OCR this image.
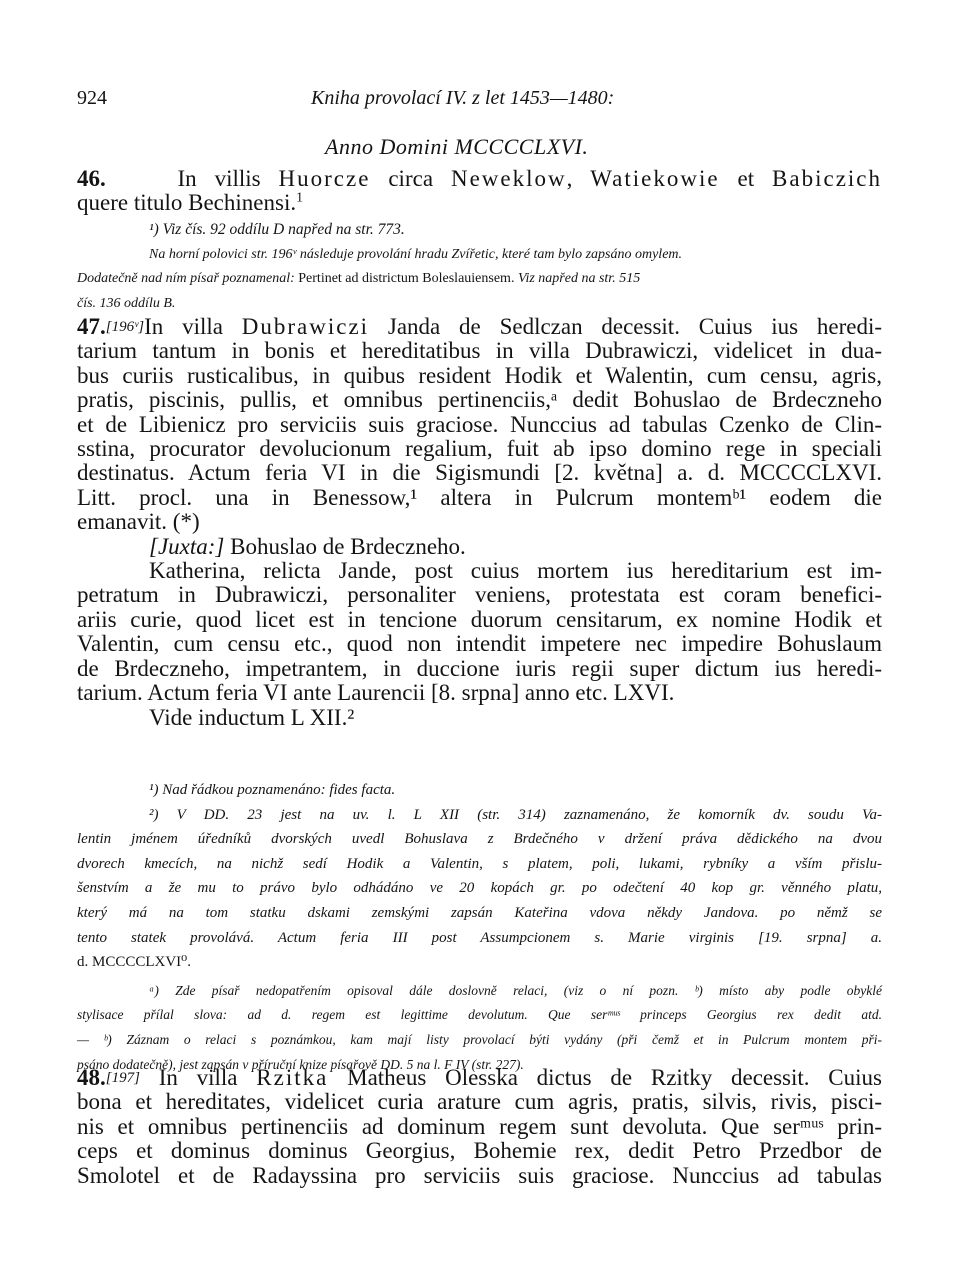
924	Kniha provolací IV. z let 1453—1480:
Anno Domini MCCCCLXVI.

46.	In villis Huorcze circa Neweklow, Watiekowie et Babiczich

quere titulo Bechinensi.$^1$

¹) Viz čís. 92 oddílu D napřed na str. 773.

Na horní polovici str. 196ᵛ následuje provolání hradu Zvířetic, které tam bylo zapsáno omylem.

Dodatečně nad ním písař poznamenal: Pertinet ad districtum Boleslauiensem. Viz napřed na str. 515

čís. 136 oddílu B.

47.[196ᵛ]In villa Dubrawiczi Janda de Sedlczan decessit. Cuius ius heredi-

tarium tantum in bonis et hereditatibus in villa Dubrawiczi, videlicet in dua-

bus curiis rusticalibus, in quibus resident Hodik et Walentin, cum censu, agris,

pratis, piscinis, pullis, et omnibus pertinenciis,ᵃ dedit Bohuslao de Brdeczneho

et de Libienicz pro serviciis suis graciose. Nunccius ad tabulas Czenko de Clin-

sstina, procurator devolucionum regalium, fuit ab ipso domino rege in speciali

destinatus. Actum feria VI in die Sigismundi [2. května] a. d. MCCCCLXVI.

Litt. procl. una in Benessow,¹ altera in Pulcrum montemᵇ¹ eodem die

emanavit. (*)

[Juxta:] Bohuslao de Brdeczneho.

Katherina, relicta Jande, post cuius mortem ius hereditarium est im-

petratum in Dubrawiczi, personaliter veniens, protestata est coram benefici-

ariis curie, quod licet est in tencione duorum censitarum, ex nomine Hodik et

Valentin, cum censu etc., quod non intendit impetere nec impedire Bohuslaum

de Brdeczneho, impetrantem, in duccione iuris regii super dictum ius heredi-

tarium. Actum feria VI ante Laurencii [8. srpna] anno etc. LXVI.

Vide inductum L XII.²

¹) Nad řádkou poznamenáno: fides facta.

²) V DD. 23 jest na uv. l. L XII (str. 314) zaznamenáno, že komorník dv. soudu Va-

lentin jménem úředníků dvorských uvedl Bohuslava z Brdečného v držení práva dědického na dvou

dvorech kmecích, na nichž sedí Hodik a Valentin, s platem, poli, lukami, rybníky a vším přislu-

šenstvím a že mu to právo bylo odhádáno ve 20 kopách gr. po odečtení 40 kop gr. věnného platu,

který má na tom statku dskami zemskými zapsán Kateřina vdova někdy Jandova. po němž se

tento statek provolává. Actum feria III post Assumpcionem s. Marie virginis [19. srpna] a.

d. MCCCCLXVI⁰.

ᵃ) Zde písař nedopatřením opisoval dále doslovně relaci, (viz o ní pozn. ᵇ) místo aby podle obyklé

stylisace přílal slova: ad d. regem est legittime devolutum. Que serᵐᵘˢ princeps Georgius rex dedit atd.

— ᵇ) Záznam o relaci s poznámkou, kam mají listy provolací býti vydány (při čemž et in Pulcrum montem při-

psáno dodatečně), jest zapsán v příruční knize písařově DD. 5 na l. F IV (str. 227).

48.[197] In villa Rzitka Matheus Olesska dictus de Rzitky decessit. Cuius

bona et hereditates, videlicet curia arature cum agris, pratis, silvis, rivis, pisci-

nis et omnibus pertinenciis ad dominum regem sunt devoluta. Que serᵐᵘˢ prin-

ceps et dominus dominus Georgius, Bohemie rex, dedit Petro Przedbor de

Smolotel et de Radayssina pro serviciis suis graciose. Nunccius ad tabulas
